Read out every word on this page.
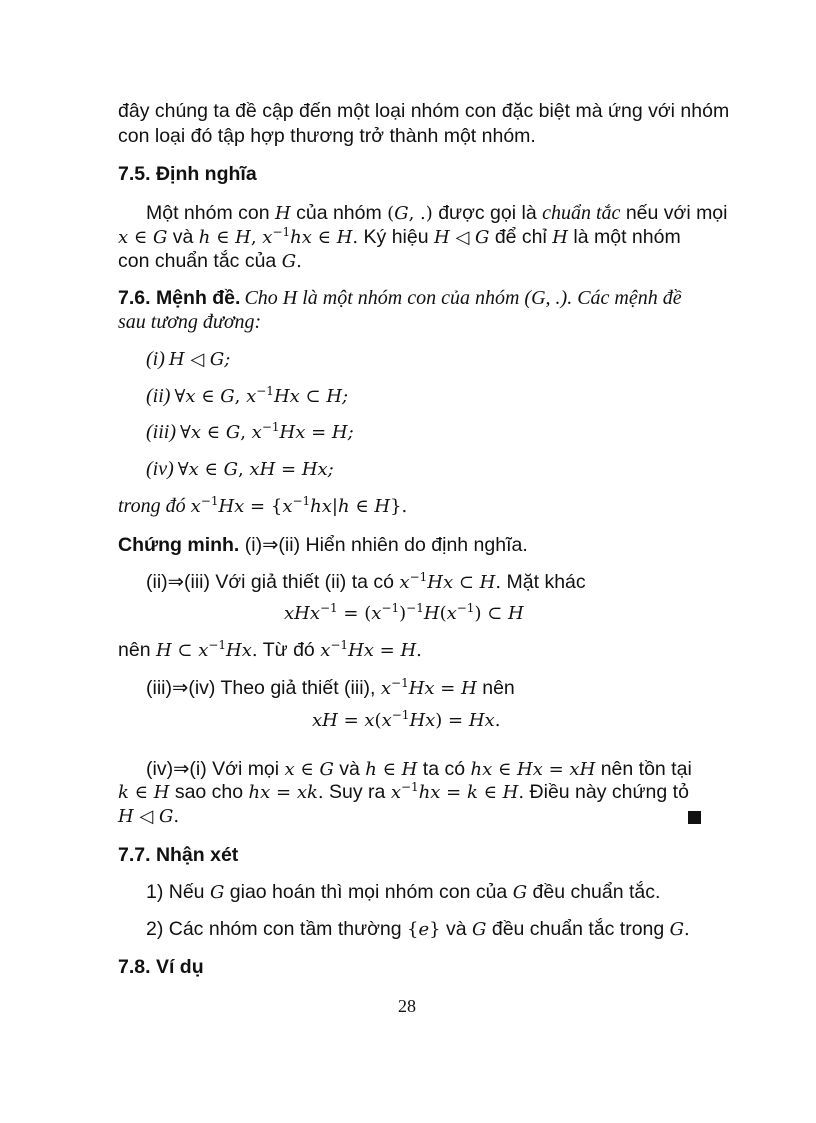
đây chúng ta đề cập đến một loại nhóm con đặc biệt mà ứng với nhóm
con loại đó tập hợp thương trở thành một nhóm.
7.5. Định nghĩa
Một nhóm con H của nhóm (G, .) được gọi là chuẩn tắc nếu với mọi
x ∈ G và h ∈ H, $x^{-1}hx$ ∈ H. Ký hiệu H ◁ G để chỉ H là một nhóm
con chuẩn tắc của G.
7.6. Mệnh đề. Cho H là một nhóm con của nhóm (G, .). Các mệnh đề
sau tương đương:
(i) H ◁ G;
(ii) ∀x ∈ G, $x^{-1}Hx$ ⊂ H;
(iii) ∀x ∈ G, $x^{-1}Hx = H$;
(iv) ∀x ∈ G, xH = Hx;
trong đó $x^{-1}Hx = \{x^{-1}hx|h$ ∈ H}.
Chứng minh. (i)⇒(ii) Hiển nhiên do định nghĩa.
(ii)⇒(iii) Với giả thiết (ii) ta có $x^{-1}Hx$ ⊂ H. Mặt khác
$xHx^{-1} = (x^{-1})^{-1}H(x^{-1})$ ⊂ H
nên H ⊂ $x^{-1}Hx$. Từ đó $x^{-1}Hx = H$.
(iii)⇒(iv) Theo giả thiết (iii), $x^{-1}Hx = H$ nên
xH = $x(x^{-1}Hx) = Hx$.
(iv)⇒(i) Với mọi x ∈ G và h ∈ H ta có hx ∈ Hx = xH nên tồn tại
k ∈ H sao cho hx = xk. Suy ra $x^{-1}hx = k$ ∈ H. Điều này chứng tỏ
H ◁ G.
7.7. Nhận xét
1) Nếu G giao hoán thì mọi nhóm con của G đều chuẩn tắc.
2) Các nhóm con tầm thường {e} và G đều chuẩn tắc trong G.
7.8. Ví dụ
28
